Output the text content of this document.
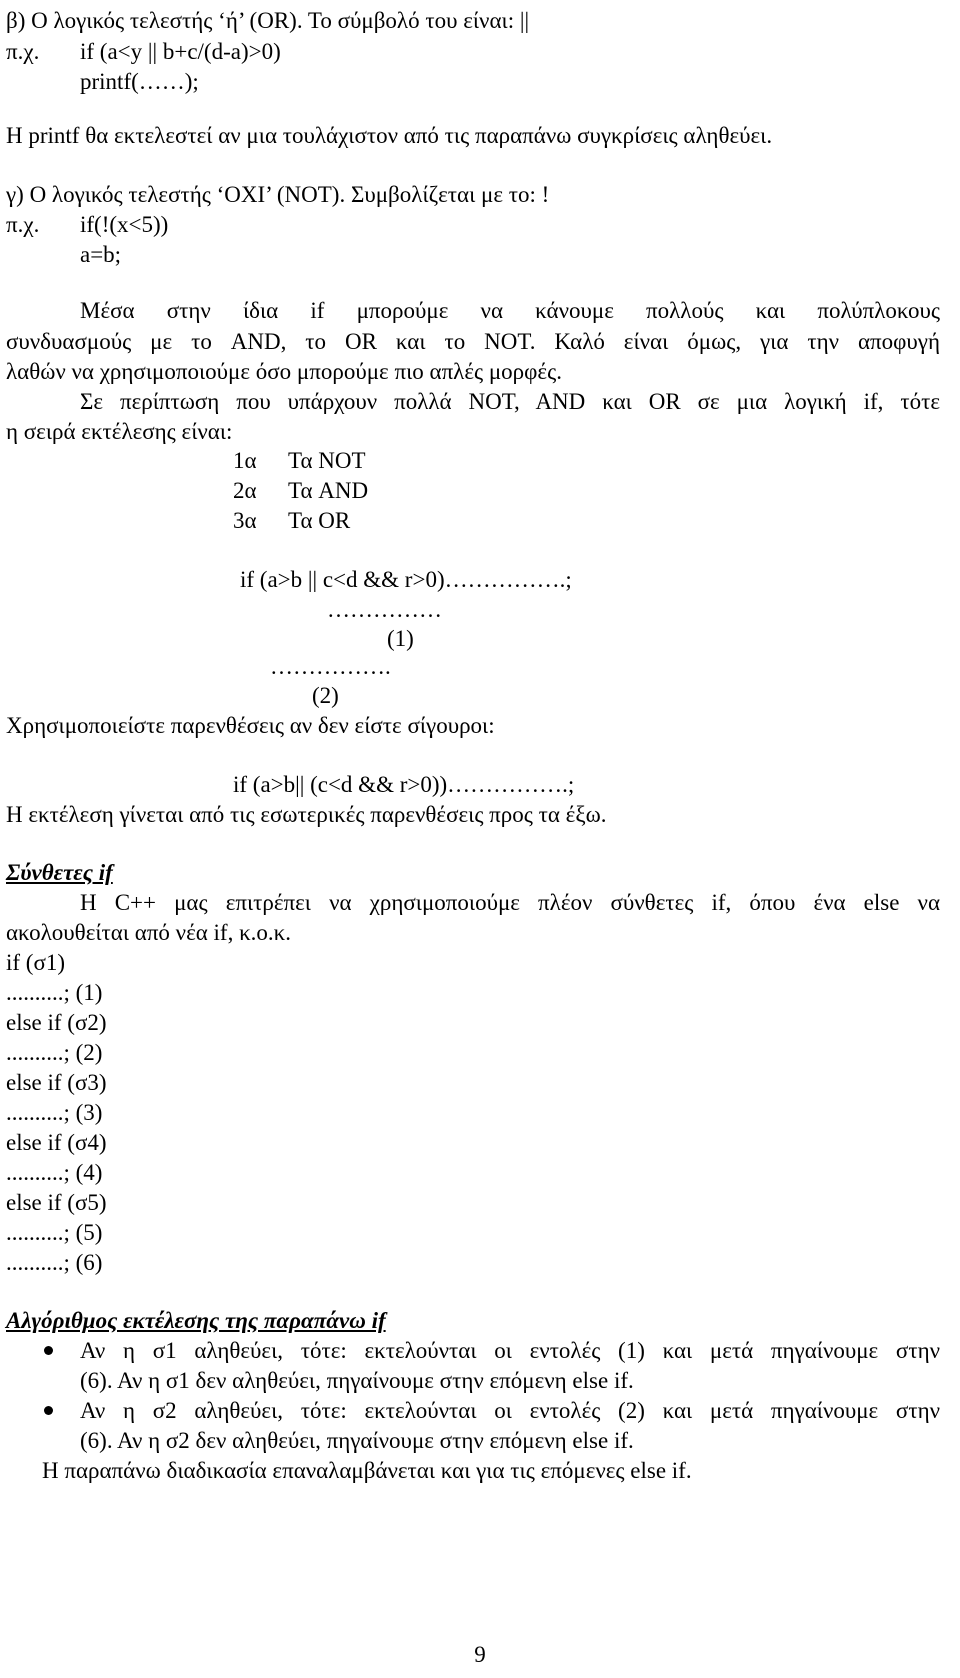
β) Ο λογικός τελεστής ‘ή’ (OR). Το σύμβολό του είναι: ||
π.χ. if (a<y || b+c/(d-a)>0)
printf(……);
Η printf θα εκτελεστεί αν μια τουλάχιστον από τις παραπάνω συγκρίσεις αληθεύει.
γ) Ο λογικός τελεστής ‘ΟΧΙ’ (NOT). Συμβολίζεται με το: !
π.χ. if(!(x<5))
a=b;
Μέσα στην ίδια if μπορούμε να κάνουμε πολλούς και πολύπλοκους
συνδυασμούς με το AND, το OR και το NOT. Καλό είναι όμως, για την αποφυγή
λαθών να χρησιμοποιούμε όσο μπορούμε πιο απλές μορφές.
Σε περίπτωση που υπάρχουν πολλά NOT, AND και OR σε μια λογική if, τότε
η σειρά εκτέλεσης είναι:
1α Τα NOT
2α Τα AND
3α Τα OR
if (a>b || c<d && r>0)…………….;
……………
(1)
…………….
(2)
Χρησιμοποιείστε παρενθέσεις αν δεν είστε σίγουροι:
if (a>b|| (c<d && r>0))…………….;
Η εκτέλεση γίνεται από τις εσωτερικές παρενθέσεις προς τα έξω.
Σύνθετες if
Η C++ μας επιτρέπει να χρησιμοποιούμε πλέον σύνθετες if, όπου ένα else να
ακολουθείται από νέα if, κ.ο.κ.
if (σ1)
..........; (1)
else if (σ2)
..........; (2)
else if (σ3)
..........; (3)
else if (σ4)
..........; (4)
else if (σ5)
..........; (5)
..........; (6)
Αλγόριθμος εκτέλεσης της παραπάνω if
Αν η σ1 αληθεύει, τότε: εκτελούνται οι εντολές (1) και μετά πηγαίνουμε στην
(6). Αν η σ1 δεν αληθεύει, πηγαίνουμε στην επόμενη else if.
Αν η σ2 αληθεύει, τότε: εκτελούνται οι εντολές (2) και μετά πηγαίνουμε στην
(6). Αν η σ2 δεν αληθεύει, πηγαίνουμε στην επόμενη else if.
Η παραπάνω διαδικασία επαναλαμβάνεται και για τις επόμενες else if.
9
